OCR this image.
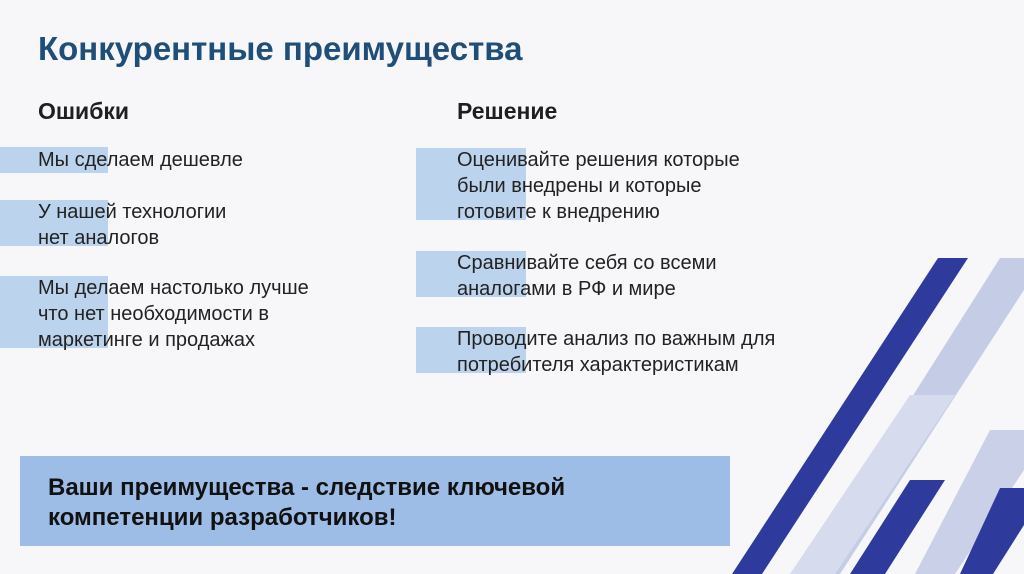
Конкурентные преимущества
Ошибки
Мы сделаем дешевле
У нашей технологии
нет аналогов
Мы делаем настолько лучше
что нет необходимости в
маркетинге и продажах
Решение
Оценивайте решения которые
были внедрены и которые
готовите к внедрению
Сравнивайте себя со всеми
аналогами в РФ и мире
Проводите анализ по важным для
потребителя характеристикам
Ваши преимущества - следствие ключевой
компетенции разработчиков!
